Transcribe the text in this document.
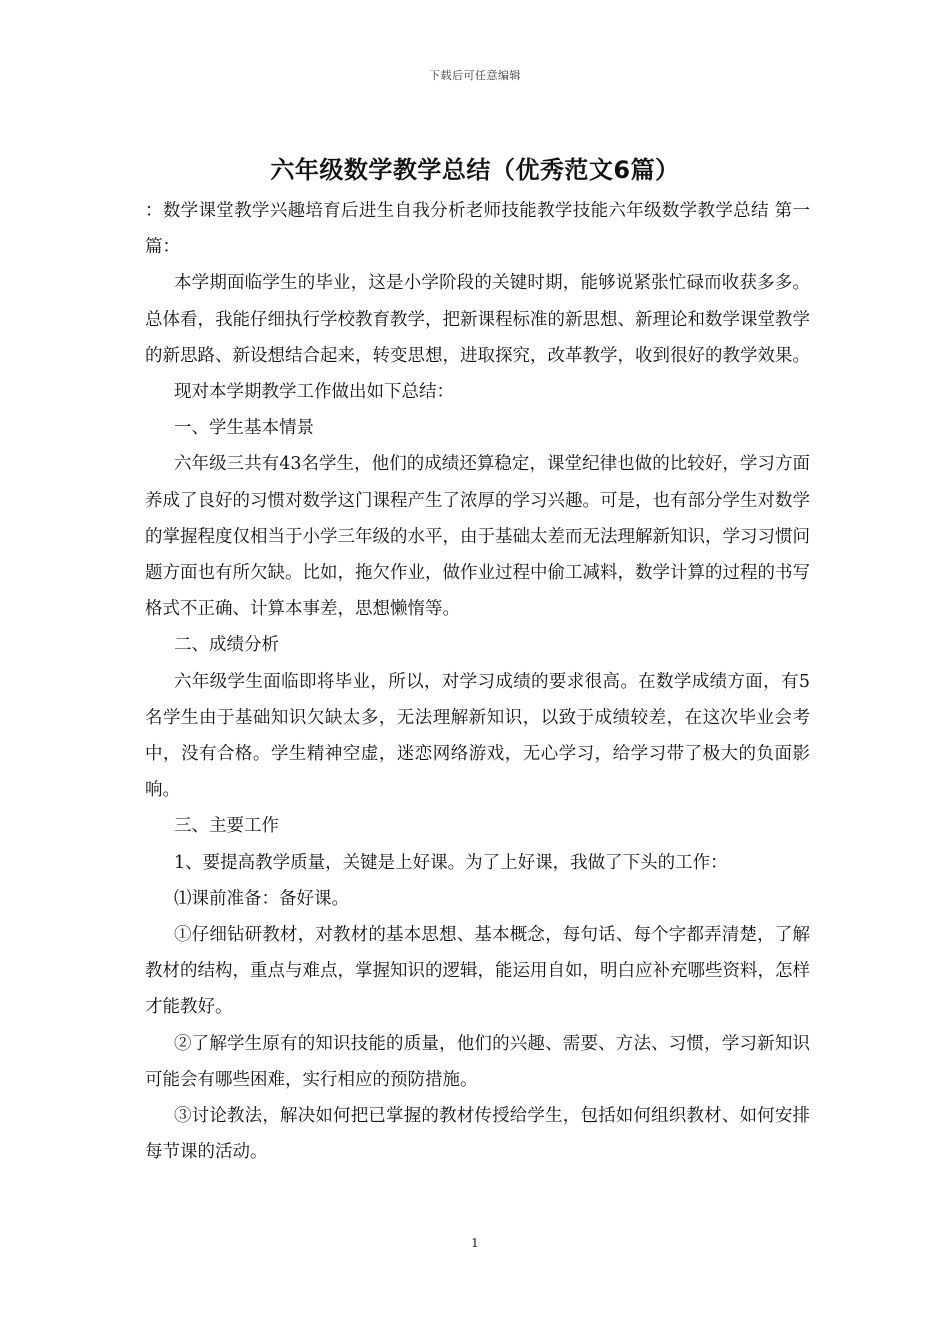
下载后可任意编辑
六年级数学教学总结（优秀范文6篇）

：数学课堂教学兴趣培育后进生自我分析老师技能教学技能六年级数学教学总结 第一篇：

本学期面临学生的毕业，这是小学阶段的关键时期，能够说紧张忙碌而收获多多。总体看，我能仔细执行学校教育教学，把新课程标准的新思想、新理论和数学课堂教学的新思路、新设想结合起来，转变思想，进取探究，改革教学，收到很好的教学效果。

现对本学期教学工作做出如下总结：

一、学生基本情景

六年级三共有43名学生，他们的成绩还算稳定，课堂纪律也做的比较好，学习方面养成了良好的习惯对数学这门课程产生了浓厚的学习兴趣。可是，也有部分学生对数学的掌握程度仅相当于小学三年级的水平，由于基础太差而无法理解新知识，学习习惯问题方面也有所欠缺。比如，拖欠作业，做作业过程中偷工减料，数学计算的过程的书写格式不正确、计算本事差，思想懒惰等。

二、成绩分析

六年级学生面临即将毕业，所以，对学习成绩的要求很高。在数学成绩方面，有5名学生由于基础知识欠缺太多，无法理解新知识，以致于成绩较差，在这次毕业会考中，没有合格。学生精神空虚，迷恋网络游戏，无心学习，给学习带了极大的负面影响。

三、主要工作

1、要提高教学质量，关键是上好课。为了上好课，我做了下头的工作：

⑴课前准备：备好课。

①仔细钻研教材，对教材的基本思想、基本概念，每句话、每个字都弄清楚，了解教材的结构，重点与难点，掌握知识的逻辑，能运用自如，明白应补充哪些资料，怎样才能教好。

②了解学生原有的知识技能的质量，他们的兴趣、需要、方法、习惯，学习新知识可能会有哪些困难，实行相应的预防措施。

③讨论教法，解决如何把已掌握的教材传授给学生，包括如何组织教材、如何安排每节课的活动。

1
